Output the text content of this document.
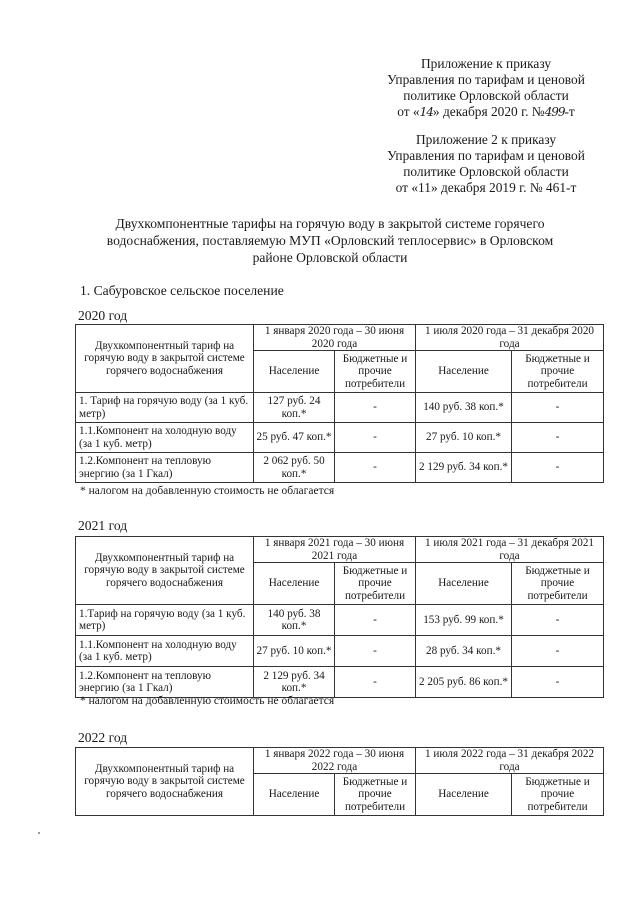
Приложение к приказу
Управления по тарифам и ценовой
политике Орловской области
от «14» декабря 2020 г. №499-т
Приложение 2 к приказу
Управления по тарифам и ценовой
политике Орловской области
от «11» декабря 2019 г. № 461-т
Двухкомпонентные тарифы на горячую воду в закрытой системе горячего
водоснабжения, поставляемую МУП «Орловский теплосервис» в Орловском
районе Орловской области
1. Сабуровское сельское поселение
2020 год
Двухкомпонентный тариф на горячую воду в закрытой системе горячего водоснабжения	1 января 2020 года – 30 июня 2020 года		1 июля 2020 года – 31 декабря 2020 года	
	Население	Бюджетные и прочие потребители	Население	Бюджетные и прочие потребители
1. Тариф на горячую воду (за 1 куб. метр)	127 руб. 24 коп.*	-	140 руб. 38 коп.*	-
1.1.Компонент на холодную воду (за 1 куб. метр)	25 руб. 47 коп.*	-	27 руб. 10 коп.*	-
1.2.Компонент на тепловую энергию (за 1 Гкал)	2 062 руб. 50 коп.*	-	2 129 руб. 34 коп.*	-
* налогом на добавленную стоимость не облагается
2021 год
Двухкомпонентный тариф на горячую воду в закрытой системе горячего водоснабжения	1 января 2021 года – 30 июня 2021 года		1 июля 2021 года – 31 декабря 2021 года	
	Население	Бюджетные и прочие потребители	Население	Бюджетные и прочие потребители
1.Тариф на горячую воду (за 1 куб. метр)	140 руб. 38 коп.*	-	153 руб. 99 коп.*	-
1.1.Компонент на холодную воду (за 1 куб. метр)	27 руб. 10 коп.*	-	28 руб. 34 коп.*	-
1.2.Компонент на тепловую энергию (за 1 Гкал)	2 129 руб. 34 коп.*	-	2 205 руб. 86 коп.*	-
* налогом на добавленную стоимость не облагается
2022 год
Двухкомпонентный тариф на горячую воду в закрытой системе горячего водоснабжения	1 января 2022 года – 30 июня 2022 года		1 июля 2022 года – 31 декабря 2022 года	
	Население	Бюджетные и прочие потребители	Население	Бюджетные и прочие потребители
